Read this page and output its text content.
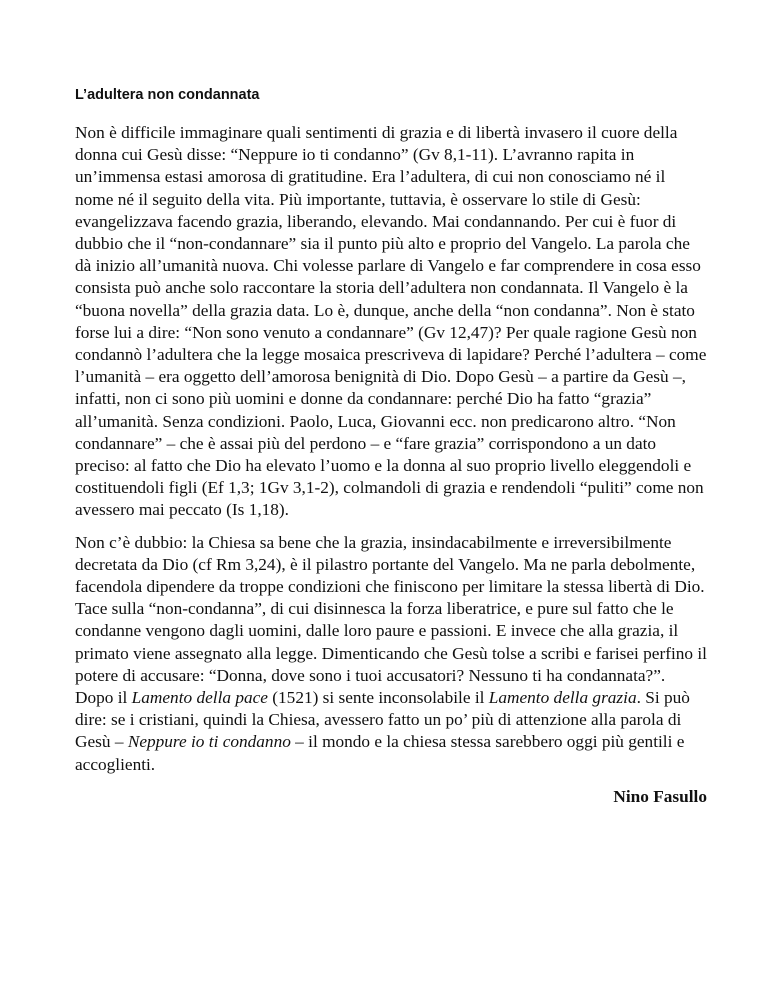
L’adultera non condannata

Non è difficile immaginare quali sentimenti di grazia e di libertà invasero il cuore della donna cui Gesù disse: “Neppure io ti condanno” (Gv 8,1-11). L’avranno rapita in un’immensa estasi amorosa di gratitudine. Era l’adultera, di cui non conosciamo né il nome né il seguito della vita. Più importante, tuttavia, è osservare lo stile di Gesù: evangelizzava facendo grazia, liberando, elevando. Mai condannando. Per cui è fuor di dubbio che il “non-condannare” sia il punto più alto e proprio del Vangelo. La parola che dà inizio all’umanità nuova. Chi volesse parlare di Vangelo e far comprendere in cosa esso consista può anche solo raccontare la storia dell’adultera non condannata. Il Vangelo è la “buona novella” della grazia data. Lo è, dunque, anche della “non condanna”. Non è stato forse lui a dire: “Non sono venuto a condannare” (Gv 12,47)? Per quale ragione Gesù non condannò l’adultera che la legge mosaica prescriveva di lapidare? Perché l’adultera – come l’umanità – era oggetto dell’amorosa benignità di Dio. Dopo Gesù – a partire da Gesù –, infatti, non ci sono più uomini e donne da condannare: perché Dio ha fatto “grazia” all’umanità. Senza condizioni. Paolo, Luca, Giovanni ecc. non predicarono altro. “Non condannare” – che è assai più del perdono – e “fare grazia” corrispondono a un dato preciso: al fatto che Dio ha elevato l’uomo e la donna al suo proprio livello eleggendoli e costituendoli figli (Ef 1,3; 1Gv 3,1-2), colmandoli di grazia e rendendoli “puliti” come non avessero mai peccato (Is 1,18).

Non c’è dubbio: la Chiesa sa bene che la grazia, insindacabilmente e irreversibilmente decretata da Dio (cf Rm 3,24), è il pilastro portante del Vangelo. Ma ne parla debolmente, facendola dipendere da troppe condizioni che finiscono per limitare la stessa libertà di Dio. Tace sulla “non-condanna”, di cui disinnesca la forza liberatrice, e pure sul fatto che le condanne vengono dagli uomini, dalle loro paure e passioni. E invece che alla grazia, il primato viene assegnato alla legge. Dimenticando che Gesù tolse a scribi e farisei perfino il potere di accusare: “Donna, dove sono i tuoi accusatori? Nessuno ti ha condannata?”. Dopo il Lamento della pace (1521) si sente inconsolabile il Lamento della grazia. Si può dire: se i cristiani, quindi la Chiesa, avessero fatto un po’ più di attenzione alla parola di Gesù – Neppure io ti condanno – il mondo e la chiesa stessa sarebbero oggi più gentili e accoglienti.

Nino Fasullo
